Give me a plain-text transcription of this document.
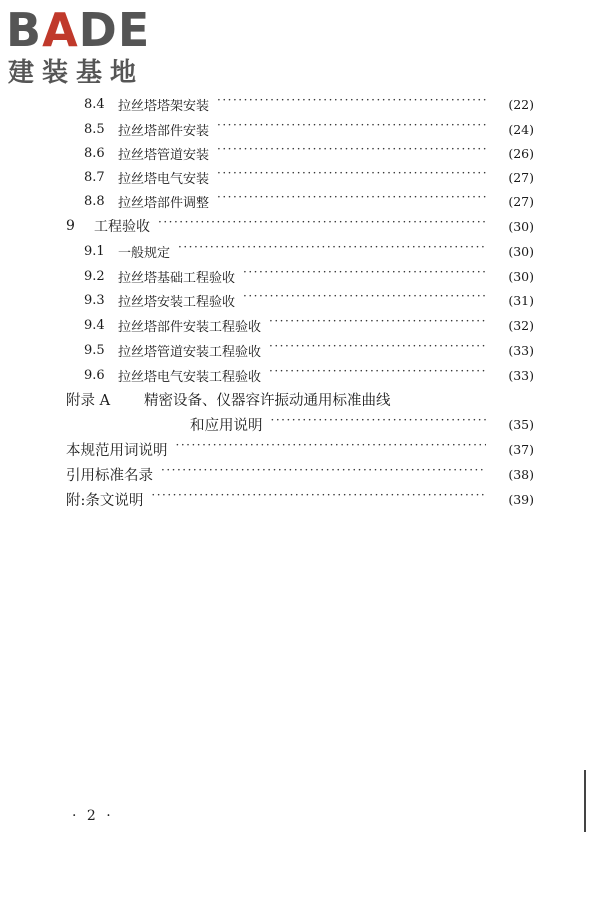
BADE
建装基地
8.4	拉丝塔塔架安装 ·····	(22)
8.5	拉丝塔部件安装 ·····	(24)
8.6	拉丝塔管道安装 ·····	(26)
8.7	拉丝塔电气安装 ·····	(27)
8.8	拉丝塔部件调整 ·····	(27)
9	工程验收 ·····	(30)
9.1	一般规定 ·····	(30)
9.2	拉丝塔基础工程验收 ·····	(30)
9.3	拉丝塔安装工程验收 ·····	(31)
9.4	拉丝塔部件安装工程验收 ·····	(32)
9.5	拉丝塔管道安装工程验收 ·····	(33)
9.6	拉丝塔电气安装工程验收 ·····	(33)
附录 A	精密设备、仪器容许振动通用标准曲线
和应用说明 ·····	(35)
本规范用词说明 ·····	(37)
引用标准名录 ·····	(38)
附:条文说明 ·····	(39)
· 2 ·
